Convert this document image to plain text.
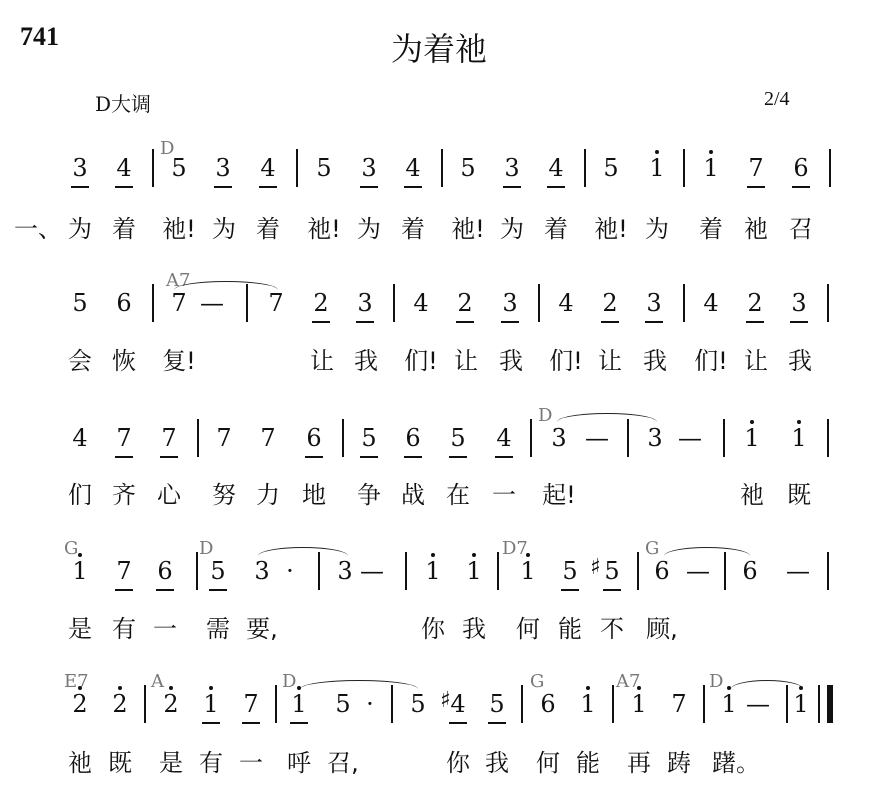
741	为着祂
D大调	2/4
3 4 5 3 4 5 3 4 5 3 4 5 1 1 7 6
D
一、 为 着 祂! 为 着 祂! 为 着 祂! 为 着 祂! 为 着 祂 召
5 6 7 — 7 2 3 4 2 3 4 2 3 4 2 3
A7
会 恢 复!	让 我 们! 让 我 们! 让 我 们! 让 我
4 7 7 7 7 6 5 6 5 4 3 — 3 — 1 1
D
们 齐 心 努 力 地 争 战 在 一 起!	祂 既
1 7 6 5 3 ·	3 — 1 1 1 5 5 6 — 6 —
G	D	D7	G
♯
是 有 一 需 要,	你 我 何 能 不 顾,
2 2 2 1 7 1 5 ·	5 4 5 6 1 1 7 1 — 1
E7	A	D	G	A7	D
♯
祂 既 是 有 一 呼 召,	你 我 何 能 再 踌 躇。
